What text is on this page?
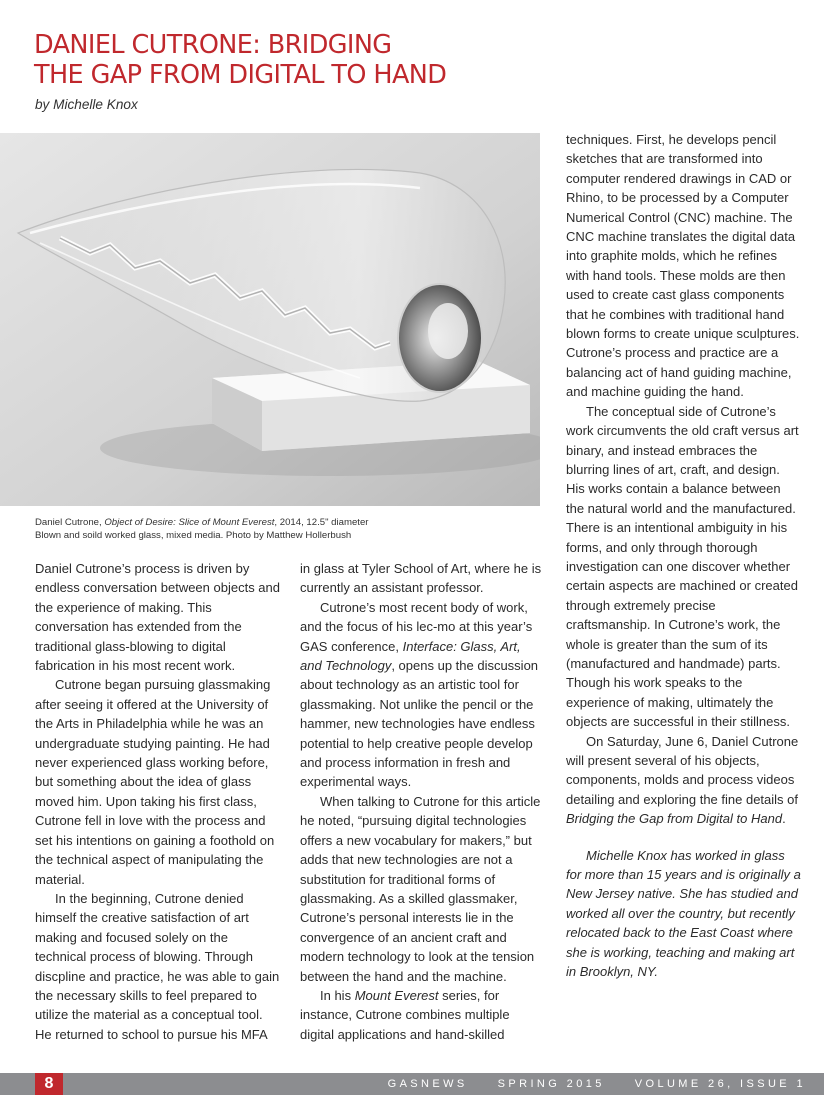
DANIEL CUTRONE: BRIDGING
THE GAP FROM DIGITAL TO HAND
by Michelle Knox
Daniel Cutrone, Object of Desire: Slice of Mount Everest, 2014, 12.5" diameter
Blown and soild worked glass, mixed media. Photo by Matthew Hollerbush

Daniel Cutrone’s process is driven by endless conversation between objects and the experience of making. This conversation has extended from the traditional glass-blowing to digital fabrication in his most recent work.

Cutrone began pursuing glassmaking after seeing it offered at the University of the Arts in Philadelphia while he was an undergraduate studying painting. He had never experienced glass working before, but something about the idea of glass moved him. Upon taking his first class, Cutrone fell in love with the process and set his intentions on gaining a foothold on the technical aspect of manipulating the material.

In the beginning, Cutrone denied himself the creative satisfaction of art making and focused solely on the technical process of blowing. Through discpline and practice, he was able to gain the necessary skills to feel prepared to utilize the material as a conceptual tool. He returned to school to pursue his MFA

in glass at Tyler School of Art, where he is currently an assistant professor.

Cutrone’s most recent body of work, and the focus of his lec-mo at this year’s GAS conference, Interface: Glass, Art, and Technology, opens up the discussion about technology as an artistic tool for glassmaking. Not unlike the pencil or the hammer, new technologies have endless potential to help creative people develop and process information in fresh and experimental ways.

When talking to Cutrone for this article he noted, “pursuing digital technologies offers a new vocabulary for makers,” but adds that new technologies are not a substitution for traditional forms of glassmaking. As a skilled glassmaker, Cutrone’s personal interests lie in the convergence of an ancient craft and modern technology to look at the tension between the hand and the machine.

In his Mount Everest series, for instance, Cutrone combines multiple digital applications and hand-skilled

techniques. First, he develops pencil sketches that are transformed into computer rendered drawings in CAD or Rhino, to be processed by a Computer Numerical Control (CNC) machine. The CNC machine translates the digital data into graphite molds, which he refines with hand tools. These molds are then used to create cast glass components that he combines with traditional hand blown forms to create unique sculptures. Cutrone’s process and practice are a balancing act of hand guiding machine, and machine guiding the hand.

The conceptual side of Cutrone’s work circumvents the old craft versus art binary, and instead embraces the blurring lines of art, craft, and design. His works contain a balance between the natural world and the manufactured. There is an intentional ambiguity in his forms, and only through thorough investigation can one discover whether certain aspects are machined or created through extremely precise craftsmanship. In Cutrone’s work, the whole is greater than the sum of its (manufactured and handmade) parts. Though his work speaks to the experience of making, ultimately the objects are successful in their stillness.

On Saturday, June 6, Daniel Cutrone will present several of his objects, components, molds and process videos detailing and exploring the fine details of Bridging the Gap from Digital to Hand.

Michelle Knox has worked in glass for more than 15 years and is originally a New Jersey native. She has studied and worked all over the country, but recently relocated back to the East Coast where she is working, teaching and making art in Brooklyn, NY.

8	GASNEWS	SPRING 2015	VOLUME 26, ISSUE 1
